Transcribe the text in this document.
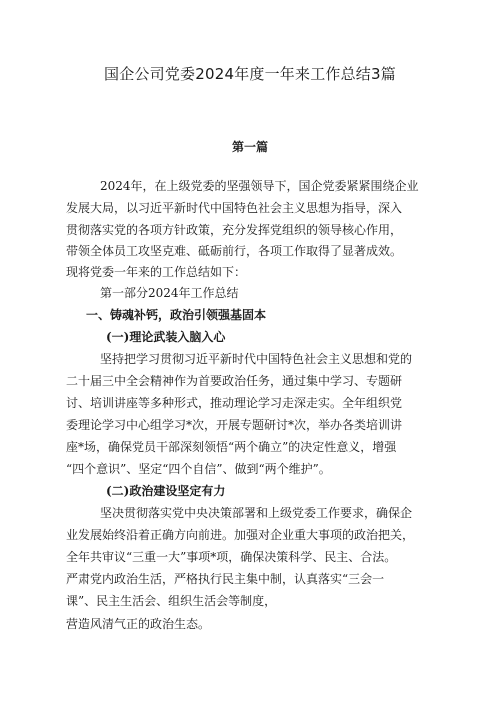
国企公司党委2024年度一年来工作总结3篇
第一篇
2024年，在上级党委的坚强领导下，国企党委紧紧围绕企业
发展大局，以习近平新时代中国特色社会主义思想为指导，深入
贯彻落实党的各项方针政策，充分发挥党组织的领导核心作用，
带领全体员工攻坚克难、砥砺前行，各项工作取得了显著成效。
现将党委一年来的工作总结如下：
第一部分2024年工作总结
一、铸魂补钙，政治引领强基固本
(一)理论武装入脑入心
坚持把学习贯彻习近平新时代中国特色社会主义思想和党的
二十届三中全会精神作为首要政治任务，通过集中学习、专题研
讨、培训讲座等多种形式，推动理论学习走深走实。全年组织党
委理论学习中心组学习*次，开展专题研讨*次，举办各类培训讲
座*场，确保党员干部深刻领悟“两个确立”的决定性意义，增强
“四个意识”、坚定“四个自信”、做到“两个维护”。
(二)政治建设坚定有力
坚决贯彻落实党中央决策部署和上级党委工作要求，确保企
业发展始终沿着正确方向前进。加强对企业重大事项的政治把关，
全年共审议“三重一大”事项*项，确保决策科学、民主、合法。
严肃党内政治生活，严格执行民主集中制，认真落实“三会一
课”、民主生活会、组织生活会等制度，
营造风清气正的政治生态。
